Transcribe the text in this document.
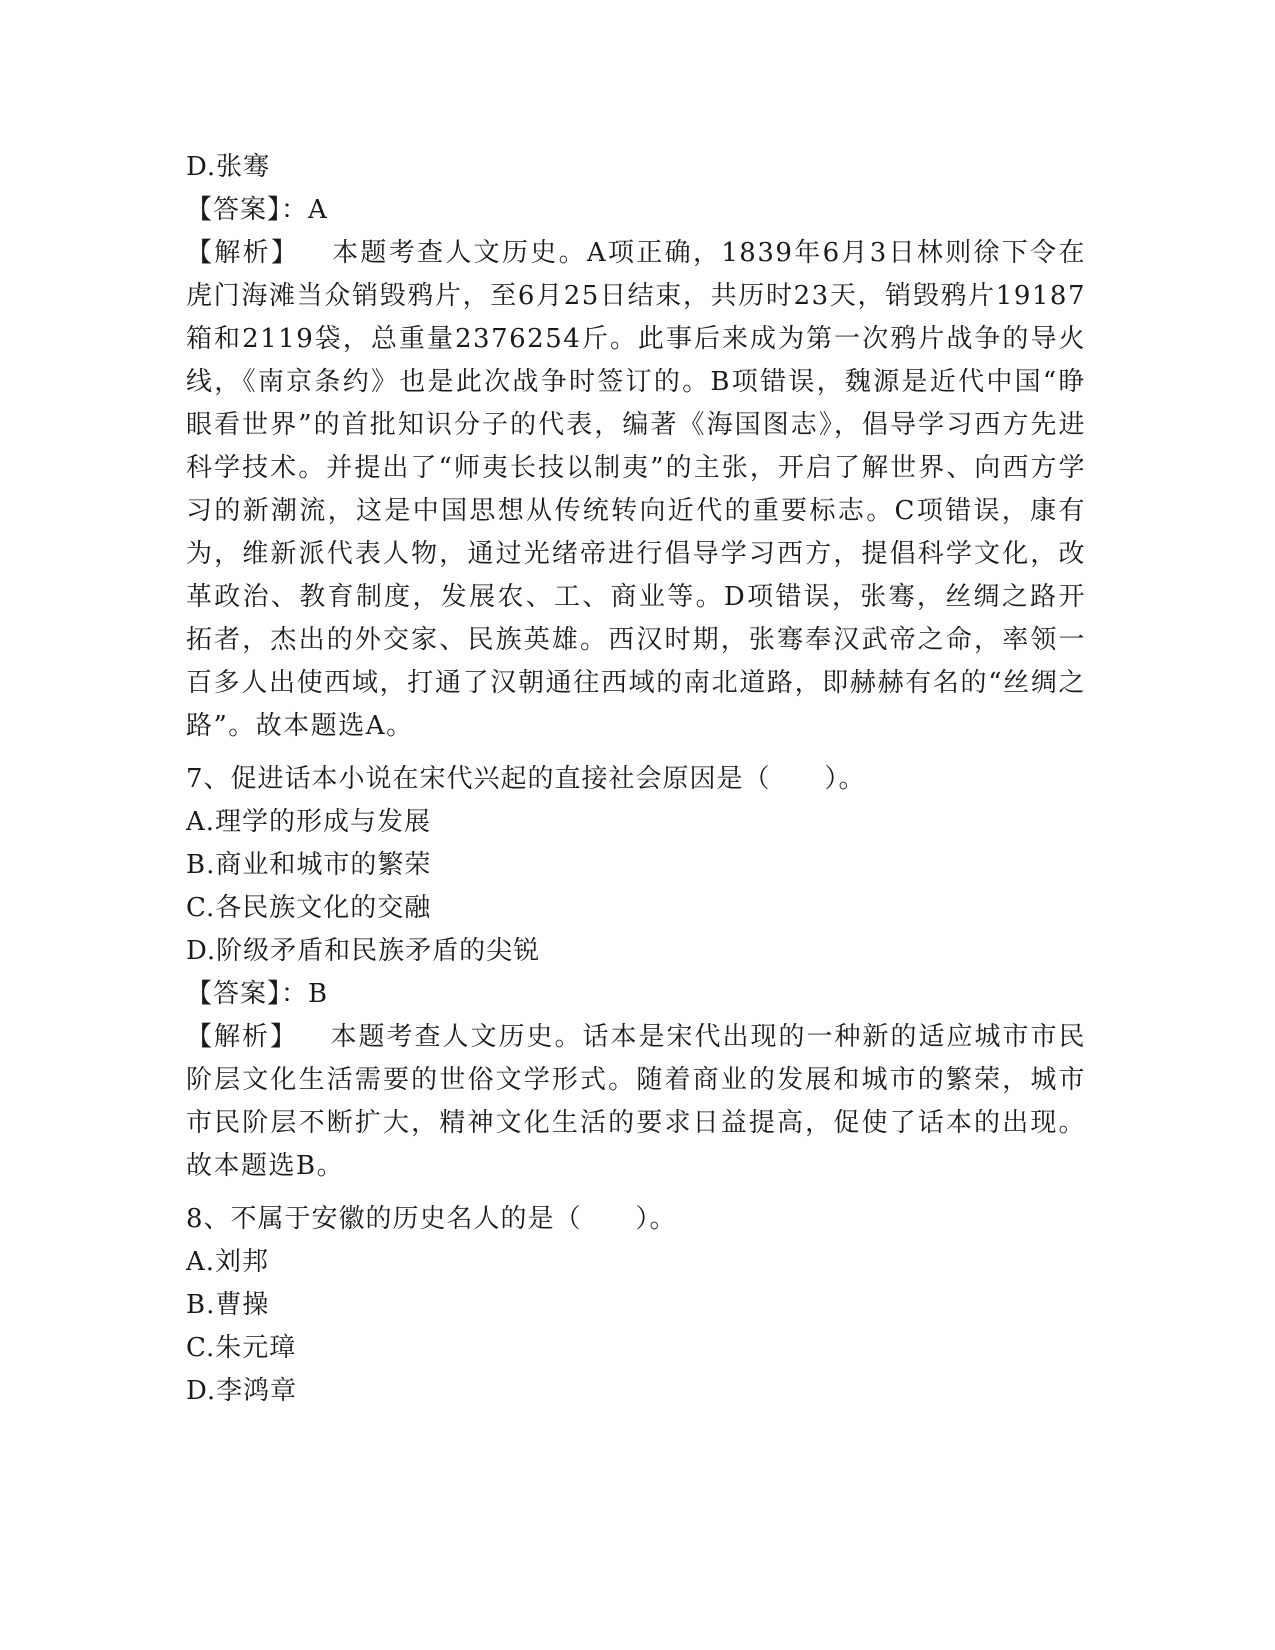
D.张骞
【答案】：A

【解析】 本题考查人文历史。A项正确，1839年6月3日林则徐下令在虎门海滩当众销毁鸦片，至6月25日结束，共历时23天，销毁鸦片19187箱和2119袋，总重量2376254斤。此事后来成为第一次鸦片战争的导火线，《南京条约》也是此次战争时签订的。B项错误，魏源是近代中国“睁眼看世界”的首批知识分子的代表，编著《海国图志》，倡导学习西方先进科学技术。并提出了“师夷长技以制夷”的主张，开启了解世界、向西方学习的新潮流，这是中国思想从传统转向近代的重要标志。C项错误，康有为，维新派代表人物，通过光绪帝进行倡导学习西方，提倡科学文化，改革政治、教育制度，发展农、工、商业等。D项错误，张骞，丝绸之路开拓者，杰出的外交家、民族英雄。西汉时期，张骞奉汉武帝之命，率领一百多人出使西域，打通了汉朝通往西域的南北道路，即赫赫有名的“丝绸之路”。故本题选A。

7、促进话本小说在宋代兴起的直接社会原因是（　　）。
A.理学的形成与发展
B.商业和城市的繁荣
C.各民族文化的交融
D.阶级矛盾和民族矛盾的尖锐
【答案】：B

【解析】 本题考查人文历史。话本是宋代出现的一种新的适应城市市民阶层文化生活需要的世俗文学形式。随着商业的发展和城市的繁荣，城市市民阶层不断扩大，精神文化生活的要求日益提高，促使了话本的出现。故本题选B。

8、不属于安徽的历史名人的是（　　）。
A.刘邦
B.曹操
C.朱元璋
D.李鸿章
